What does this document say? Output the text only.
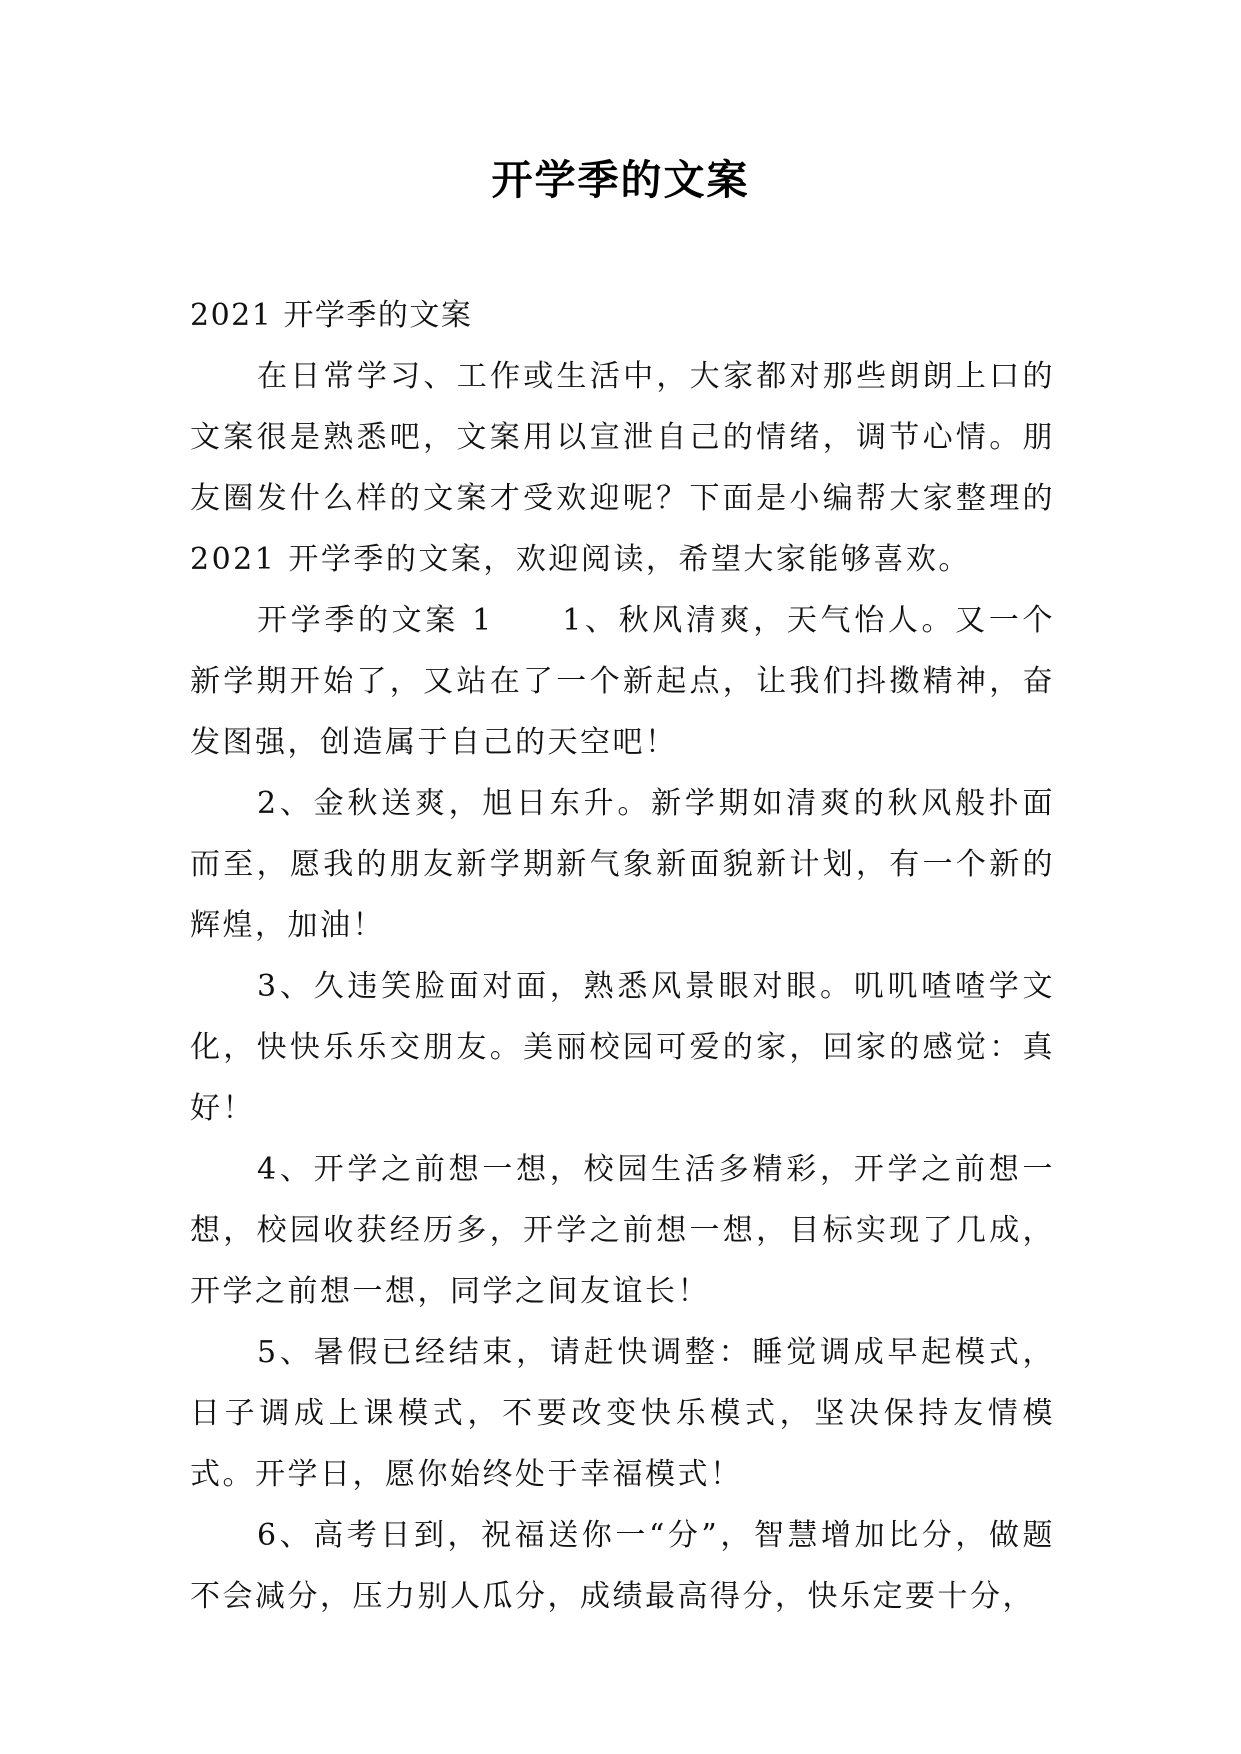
开学季的文案

2021 开学季的文案

在日常学习、工作或生活中，大家都对那些朗朗上口的文案很是熟悉吧，文案用以宣泄自己的情绪，调节心情。朋友圈发什么样的文案才受欢迎呢？下面是小编帮大家整理的 2021 开学季的文案，欢迎阅读，希望大家能够喜欢。

开学季的文案 1　　1、秋风清爽，天气怡人。又一个新学期开始了，又站在了一个新起点，让我们抖擞精神，奋发图强，创造属于自己的天空吧！

2、金秋送爽，旭日东升。新学期如清爽的秋风般扑面而至，愿我的朋友新学期新气象新面貌新计划，有一个新的辉煌，加油！

3、久违笑脸面对面，熟悉风景眼对眼。叽叽喳喳学文化，快快乐乐交朋友。美丽校园可爱的家，回家的感觉：真好！

4、开学之前想一想，校园生活多精彩，开学之前想一想，校园收获经历多，开学之前想一想，目标实现了几成，开学之前想一想，同学之间友谊长！

5、暑假已经结束，请赶快调整：睡觉调成早起模式，日子调成上课模式，不要改变快乐模式，坚决保持友情模式。开学日，愿你始终处于幸福模式！

6、高考日到，祝福送你一“分”，智慧增加比分，做题不会减分，压力别人瓜分，成绩最高得分，快乐定要十分，
